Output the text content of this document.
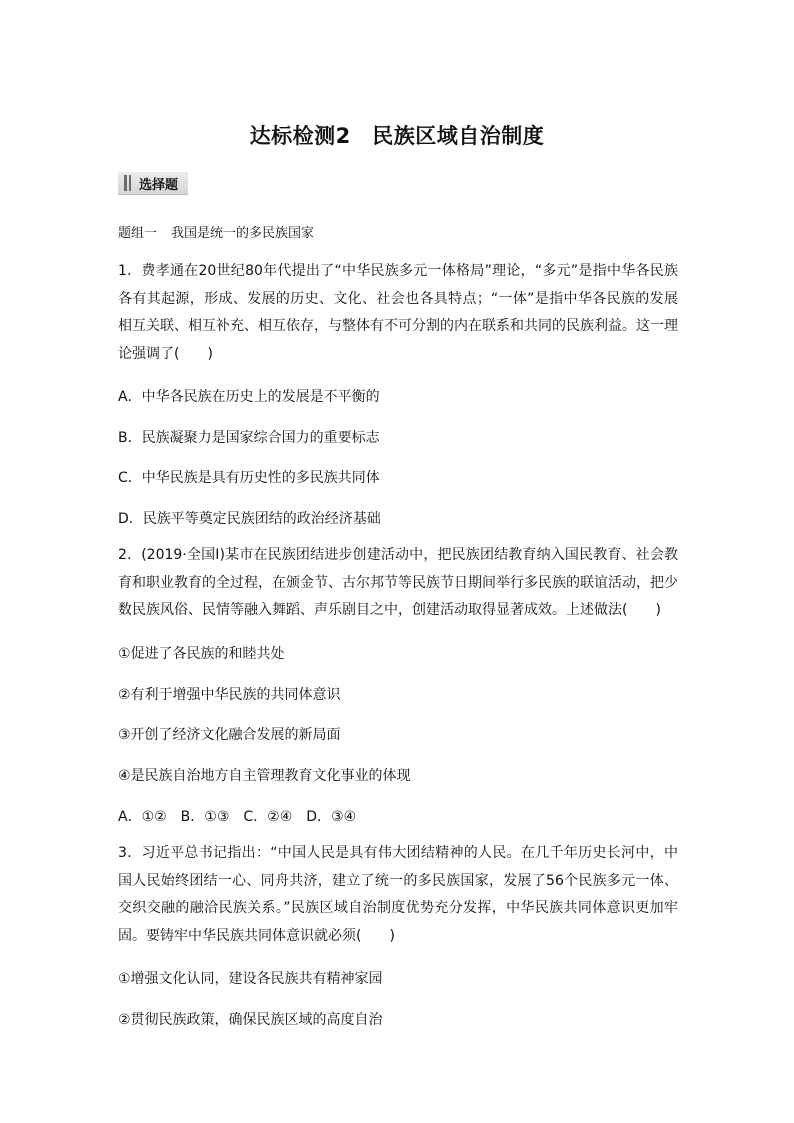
达标检测2　民族区域自治制度
选择题
题组一 我国是统一的多民族国家
1．费孝通在20世纪80年代提出了“中华民族多元一体格局”理论，“多元”是指中华各民族各有其起源，形成、发展的历史、文化、社会也各具特点；“一体”是指中华各民族的发展相互关联、相互补充、相互依存，与整体有不可分割的内在联系和共同的民族利益。这一理论强调了(　　)
A．中华各民族在历史上的发展是不平衡的
B．民族凝聚力是国家综合国力的重要标志
C．中华民族是具有历史性的多民族共同体
D．民族平等奠定民族团结的政治经济基础
2．(2019·全国Ⅰ)某市在民族团结进步创建活动中，把民族团结教育纳入国民教育、社会教育和职业教育的全过程，在颁金节、古尔邦节等民族节日期间举行多民族的联谊活动，把少数民族风俗、民情等融入舞蹈、声乐剧目之中，创建活动取得显著成效。上述做法(　　)
①促进了各民族的和睦共处
②有利于增强中华民族的共同体意识
③开创了经济文化融合发展的新局面
④是民族自治地方自主管理教育文化事业的体现
A．①②　B．①③　C．②④　D．③④
3．习近平总书记指出：“中国人民是具有伟大团结精神的人民。在几千年历史长河中，中国人民始终团结一心、同舟共济，建立了统一的多民族国家，发展了56个民族多元一体、交织交融的融洽民族关系。”民族区域自治制度优势充分发挥，中华民族共同体意识更加牢固。要铸牢中华民族共同体意识就必须(　　)
①增强文化认同，建设各民族共有精神家园
②贯彻民族政策，确保民族区域的高度自治
